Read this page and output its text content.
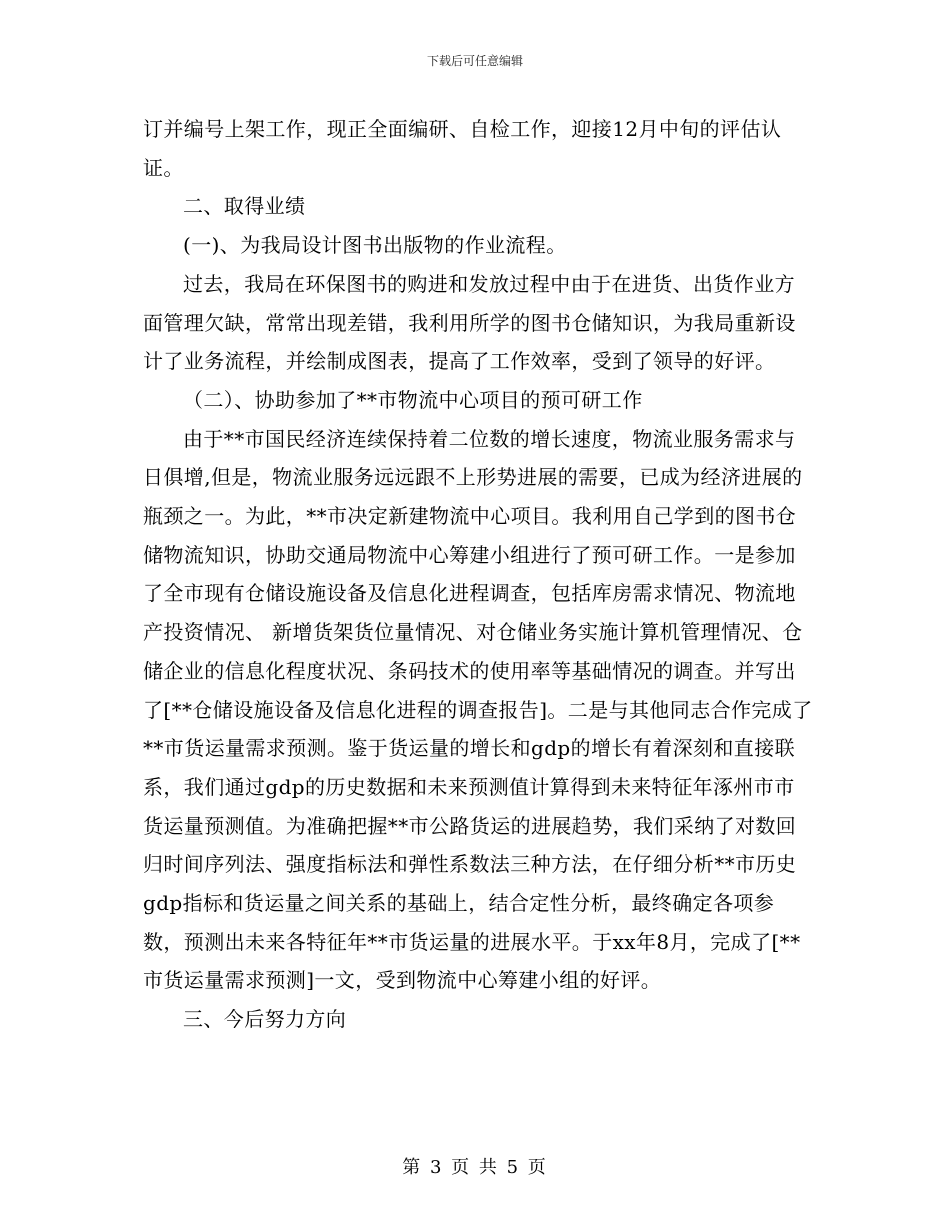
下载后可任意编辑

订并编号上架工作，现正全面编研、自检工作，迎接12月中旬的评估认证。

二、取得业绩

(一)、为我局设计图书出版物的作业流程。

过去，我局在环保图书的购进和发放过程中由于在进货、出货作业方面管理欠缺，常常出现差错，我利用所学的图书仓储知识，为我局重新设计了业务流程，并绘制成图表，提高了工作效率，受到了领导的好评。

（二）、协助参加了**市物流中心项目的预可研工作

由于**市国民经济连续保持着二位数的增长速度，物流业服务需求与日俱增,但是，物流业服务远远跟不上形势进展的需要，已成为经济进展的瓶颈之一。为此，**市决定新建物流中心项目。我利用自己学到的图书仓储物流知识，协助交通局物流中心筹建小组进行了预可研工作。一是参加了全市现有仓储设施设备及信息化进程调查，包括库房需求情况、物流地产投资情况、 新增货架货位量情况、对仓储业务实施计算机管理情况、仓储企业的信息化程度状况、条码技术的使用率等基础情况的调查。并写出了[**仓储设施设备及信息化进程的调查报告]。二是与其他同志合作完成了**市货运量需求预测。鉴于货运量的增长和gdp的增长有着深刻和直接联系，我们通过gdp的历史数据和未来预测值计算得到未来特征年涿州市市货运量预测值。为准确把握**市公路货运的进展趋势，我们采纳了对数回归时间序列法、强度指标法和弹性系数法三种方法，在仔细分析**市历史gdp指标和货运量之间关系的基础上，结合定性分析，最终确定各项参数，预测出未来各特征年**市货运量的进展水平。于xx年8月，完成了[**市货运量需求预测]一文，受到物流中心筹建小组的好评。

三、今后努力方向

第 3 页 共 5 页
